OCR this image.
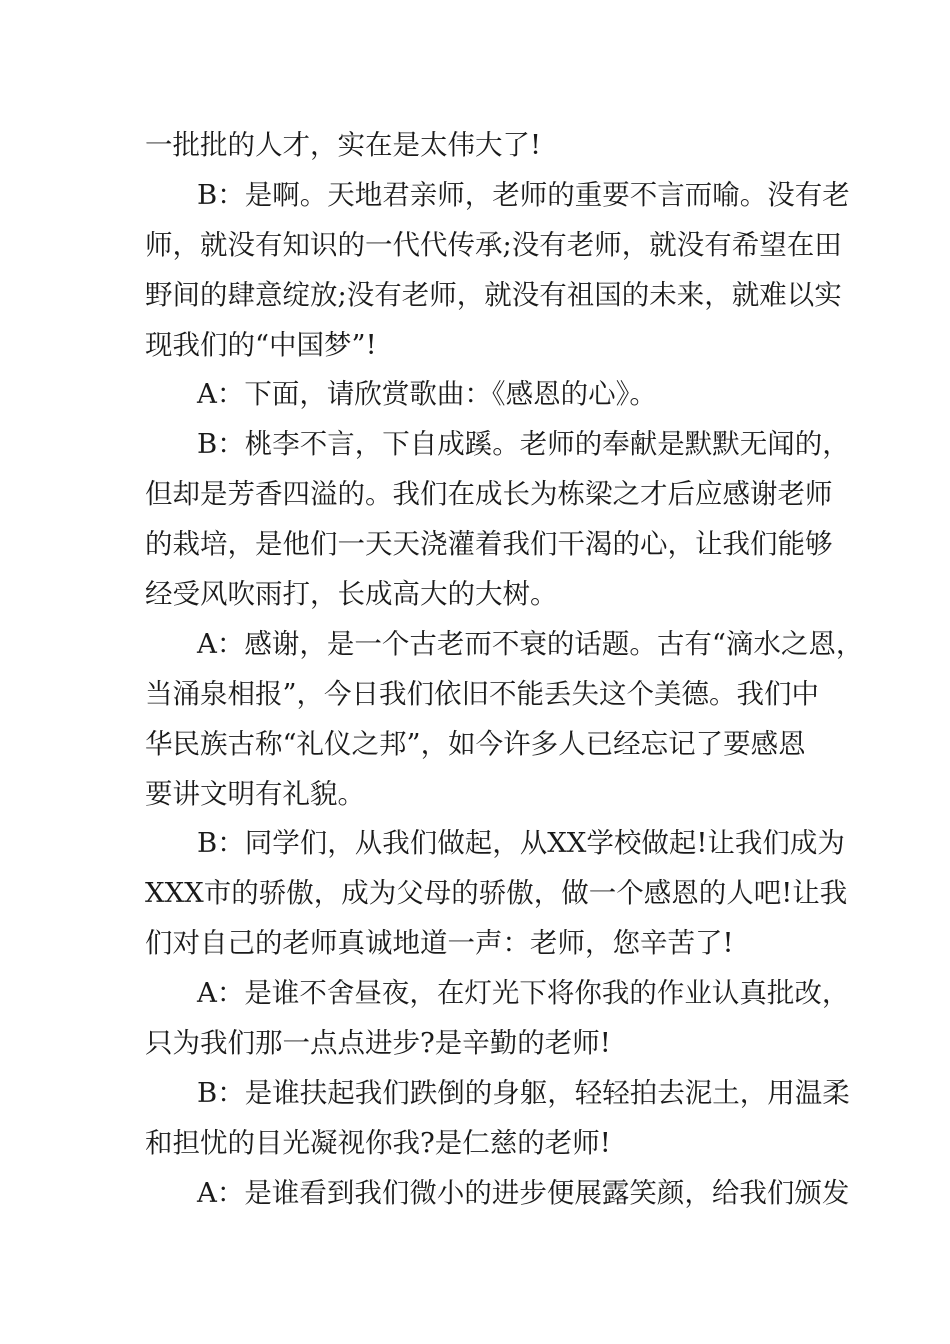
一批批的人才，实在是太伟大了!
B：是啊。天地君亲师，老师的重要不言而喻。没有老
师，就没有知识的一代代传承;没有老师，就没有希望在田
野间的肆意绽放;没有老师，就没有祖国的未来，就难以实
现我们的“中国梦”!
A：下面，请欣赏歌曲：《感恩的心》。
B：桃李不言，下自成蹊。老师的奉献是默默无闻的，
但却是芳香四溢的。我们在成长为栋梁之才后应感谢老师
的栽培，是他们一天天浇灌着我们干渴的心，让我们能够
经受风吹雨打，长成高大的大树。
A：感谢，是一个古老而不衰的话题。古有“滴水之恩，
当涌泉相报”，今日我们依旧不能丢失这个美德。我们中
华民族古称“礼仪之邦”，如今许多人已经忘记了要感恩
要讲文明有礼貌。
B：同学们，从我们做起，从XX学校做起!让我们成为
XXX市的骄傲，成为父母的骄傲，做一个感恩的人吧!让我
们对自己的老师真诚地道一声：老师，您辛苦了!
A：是谁不舍昼夜，在灯光下将你我的作业认真批改，
只为我们那一点点进步?是辛勤的老师!
B：是谁扶起我们跌倒的身躯，轻轻拍去泥土，用温柔
和担忧的目光凝视你我?是仁慈的老师!
A：是谁看到我们微小的进步便展露笑颜，给我们颁发
